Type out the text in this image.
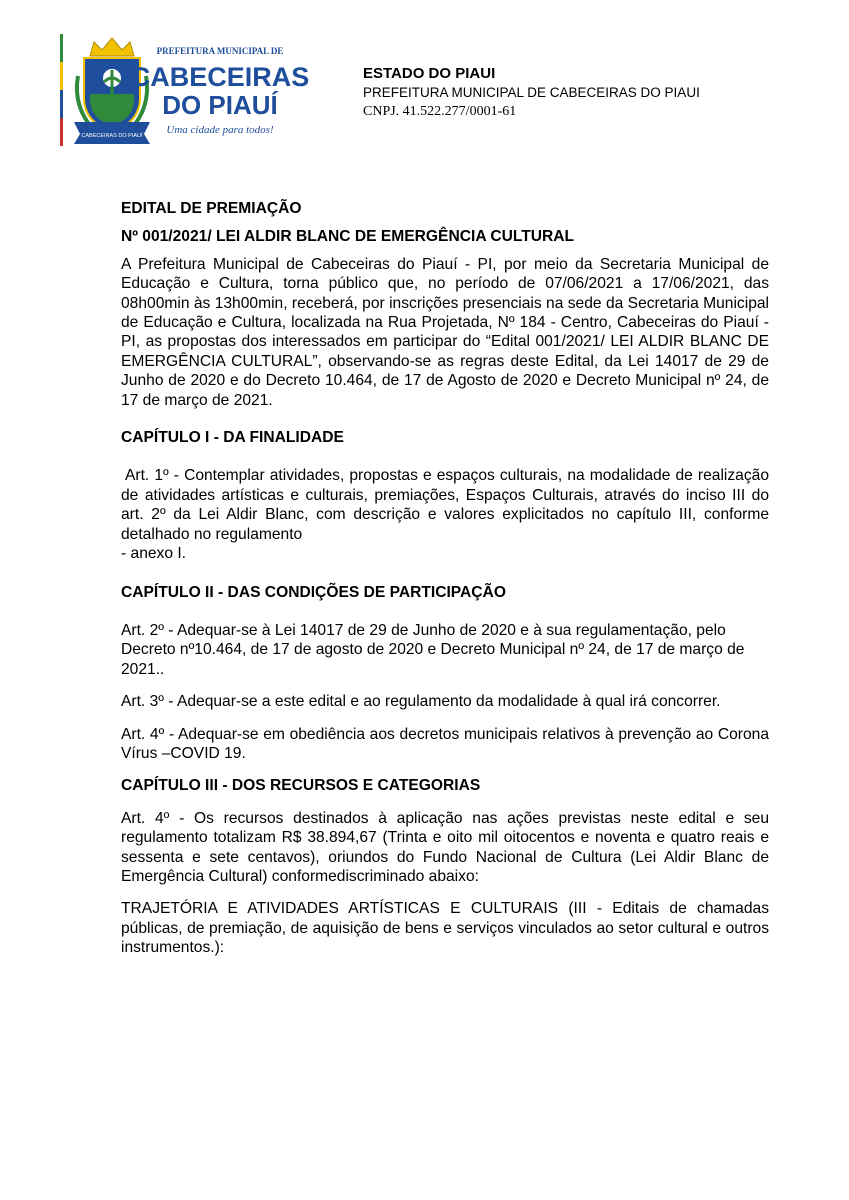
CABECEIRAS DO PIAUÍ
PREFEITURA MUNICIPAL DE
CABECEIRAS
DO PIAUÍ
Uma cidade para todos!
ESTADO DO PIAUI
PREFEITURA MUNICIPAL DE CABECEIRAS DO PIAUI
CNPJ. 41.522.277/0001-61

EDITAL DE PREMIAÇÃO

Nº 001/2021/ LEI ALDIR BLANC DE EMERGÊNCIA CULTURAL

A Prefeitura Municipal de Cabeceiras do Piauí - PI, por meio da Secretaria Municipal de Educação e Cultura, torna público que, no período de 07/06/2021 a 17/06/2021, das 08h00min às 13h00min, receberá, por inscrições presenciais na sede da Secretaria Municipal de Educação e Cultura, localizada na Rua Projetada, Nº 184 - Centro, Cabeceiras do Piauí - PI, as propostas dos interessados em participar do “Edital 001/2021/ LEI ALDIR BLANC DE EMERGÊNCIA CULTURAL”, observando-se as regras deste Edital, da Lei 14017 de 29 de Junho de 2020 e do Decreto 10.464, de 17 de Agosto de 2020 e Decreto Municipal nº 24, de 17 de março de 2021.

CAPÍTULO I - DA FINALIDADE

Art. 1º - Contemplar atividades, propostas e espaços culturais, na modalidade de realização de atividades artísticas e culturais, premiações, Espaços Culturais, através do inciso III do art. 2º da Lei Aldir Blanc, com descrição e valores explicitados no capítulo III, conforme detalhado no regulamento

- anexo I.

CAPÍTULO II - DAS CONDIÇÕES DE PARTICIPAÇÃO

Art. 2º - Adequar-se à Lei 14017 de 29 de Junho de 2020 e à sua regulamentação, pelo Decreto nº10.464, de 17 de agosto de 2020 e Decreto Municipal nº 24, de 17 de março de 2021..

Art. 3º - Adequar-se a este edital e ao regulamento da modalidade à qual irá concorrer.

Art. 4º - Adequar-se em obediência aos decretos municipais relativos à prevenção ao Corona Vírus –COVID 19.

CAPÍTULO III - DOS RECURSOS E CATEGORIAS

Art. 4º - Os recursos destinados à aplicação nas ações previstas neste edital e seu regulamento totalizam R$ 38.894,67 (Trinta e oito mil oitocentos e noventa e quatro reais e sessenta e sete centavos), oriundos do Fundo Nacional de Cultura (Lei Aldir Blanc de Emergência Cultural) conformediscriminado abaixo:

TRAJETÓRIA E ATIVIDADES ARTÍSTICAS E CULTURAIS (III - Editais de chamadas públicas, de premiação, de aquisição de bens e serviços vinculados ao setor cultural e outros instrumentos.):
